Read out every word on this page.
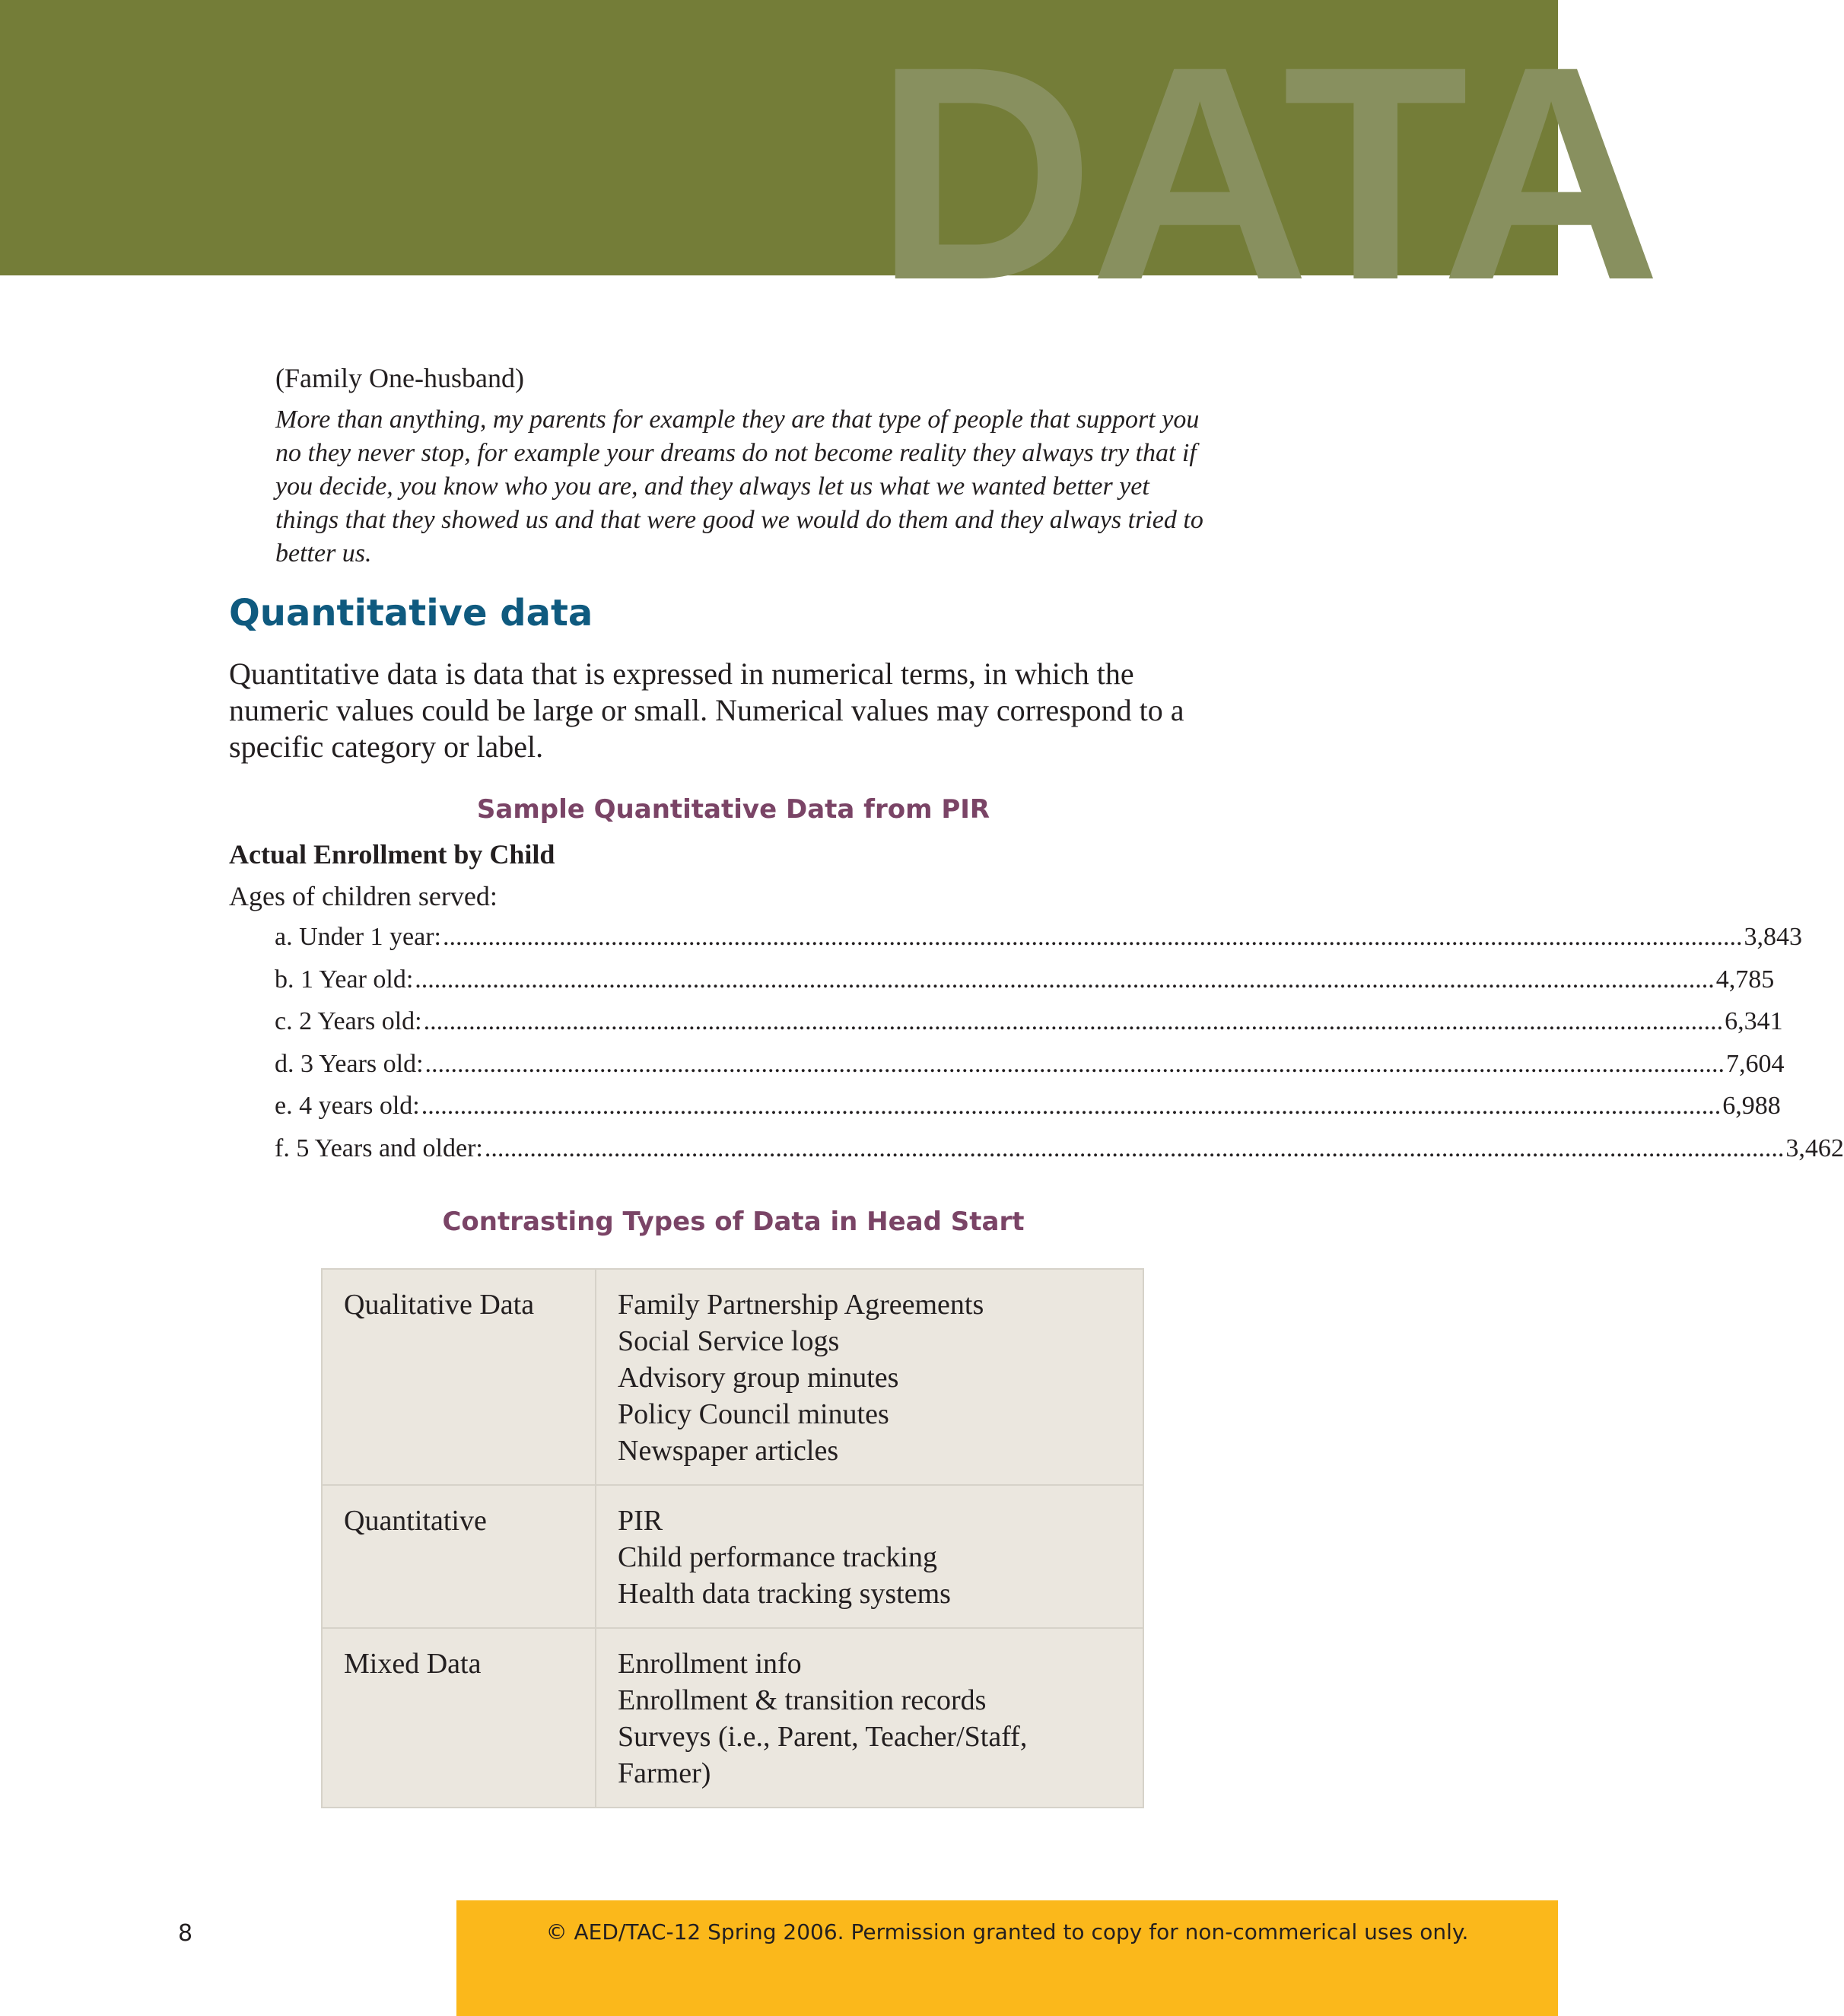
DATA
(Family One-husband)
More than anything, my parents for example they are that type of people that support you no they never stop, for example your dreams do not become reality they always try that if you decide, you know who you are, and they always let us what we wanted better yet things that they showed us and that were good we would do them and they always tried to better us.
Quantitative data

Quantitative data is data that is expressed in numerical terms, in which the numeric values could be large or small. Numerical values may correspond to a specific category or label.

Sample Quantitative Data from PIR
Actual Enrollment by Child
Ages of children served:
a. Under 1 year: .....	3,843
b. 1 Year old: .....	4,785
c. 2 Years old: .....	6,341
d. 3 Years old: .....	7,604
e. 4 years old: .....	6,988
f. 5 Years and older: .....	3,462
Contrasting Types of Data in Head Start
Qualitative Data	Family Partnership Agreements
Social Service logs
Advisory group minutes
Policy Council minutes
Newspaper articles

Quantitative	PIR
Child performance tracking
Health data tracking systems

Mixed Data	Enrollment info
Enrollment & transition records
Surveys (i.e., Parent, Teacher/Staff,
Farmer)
8	© AED/TAC-12 Spring 2006. Permission granted to copy for non-commerical uses only.
